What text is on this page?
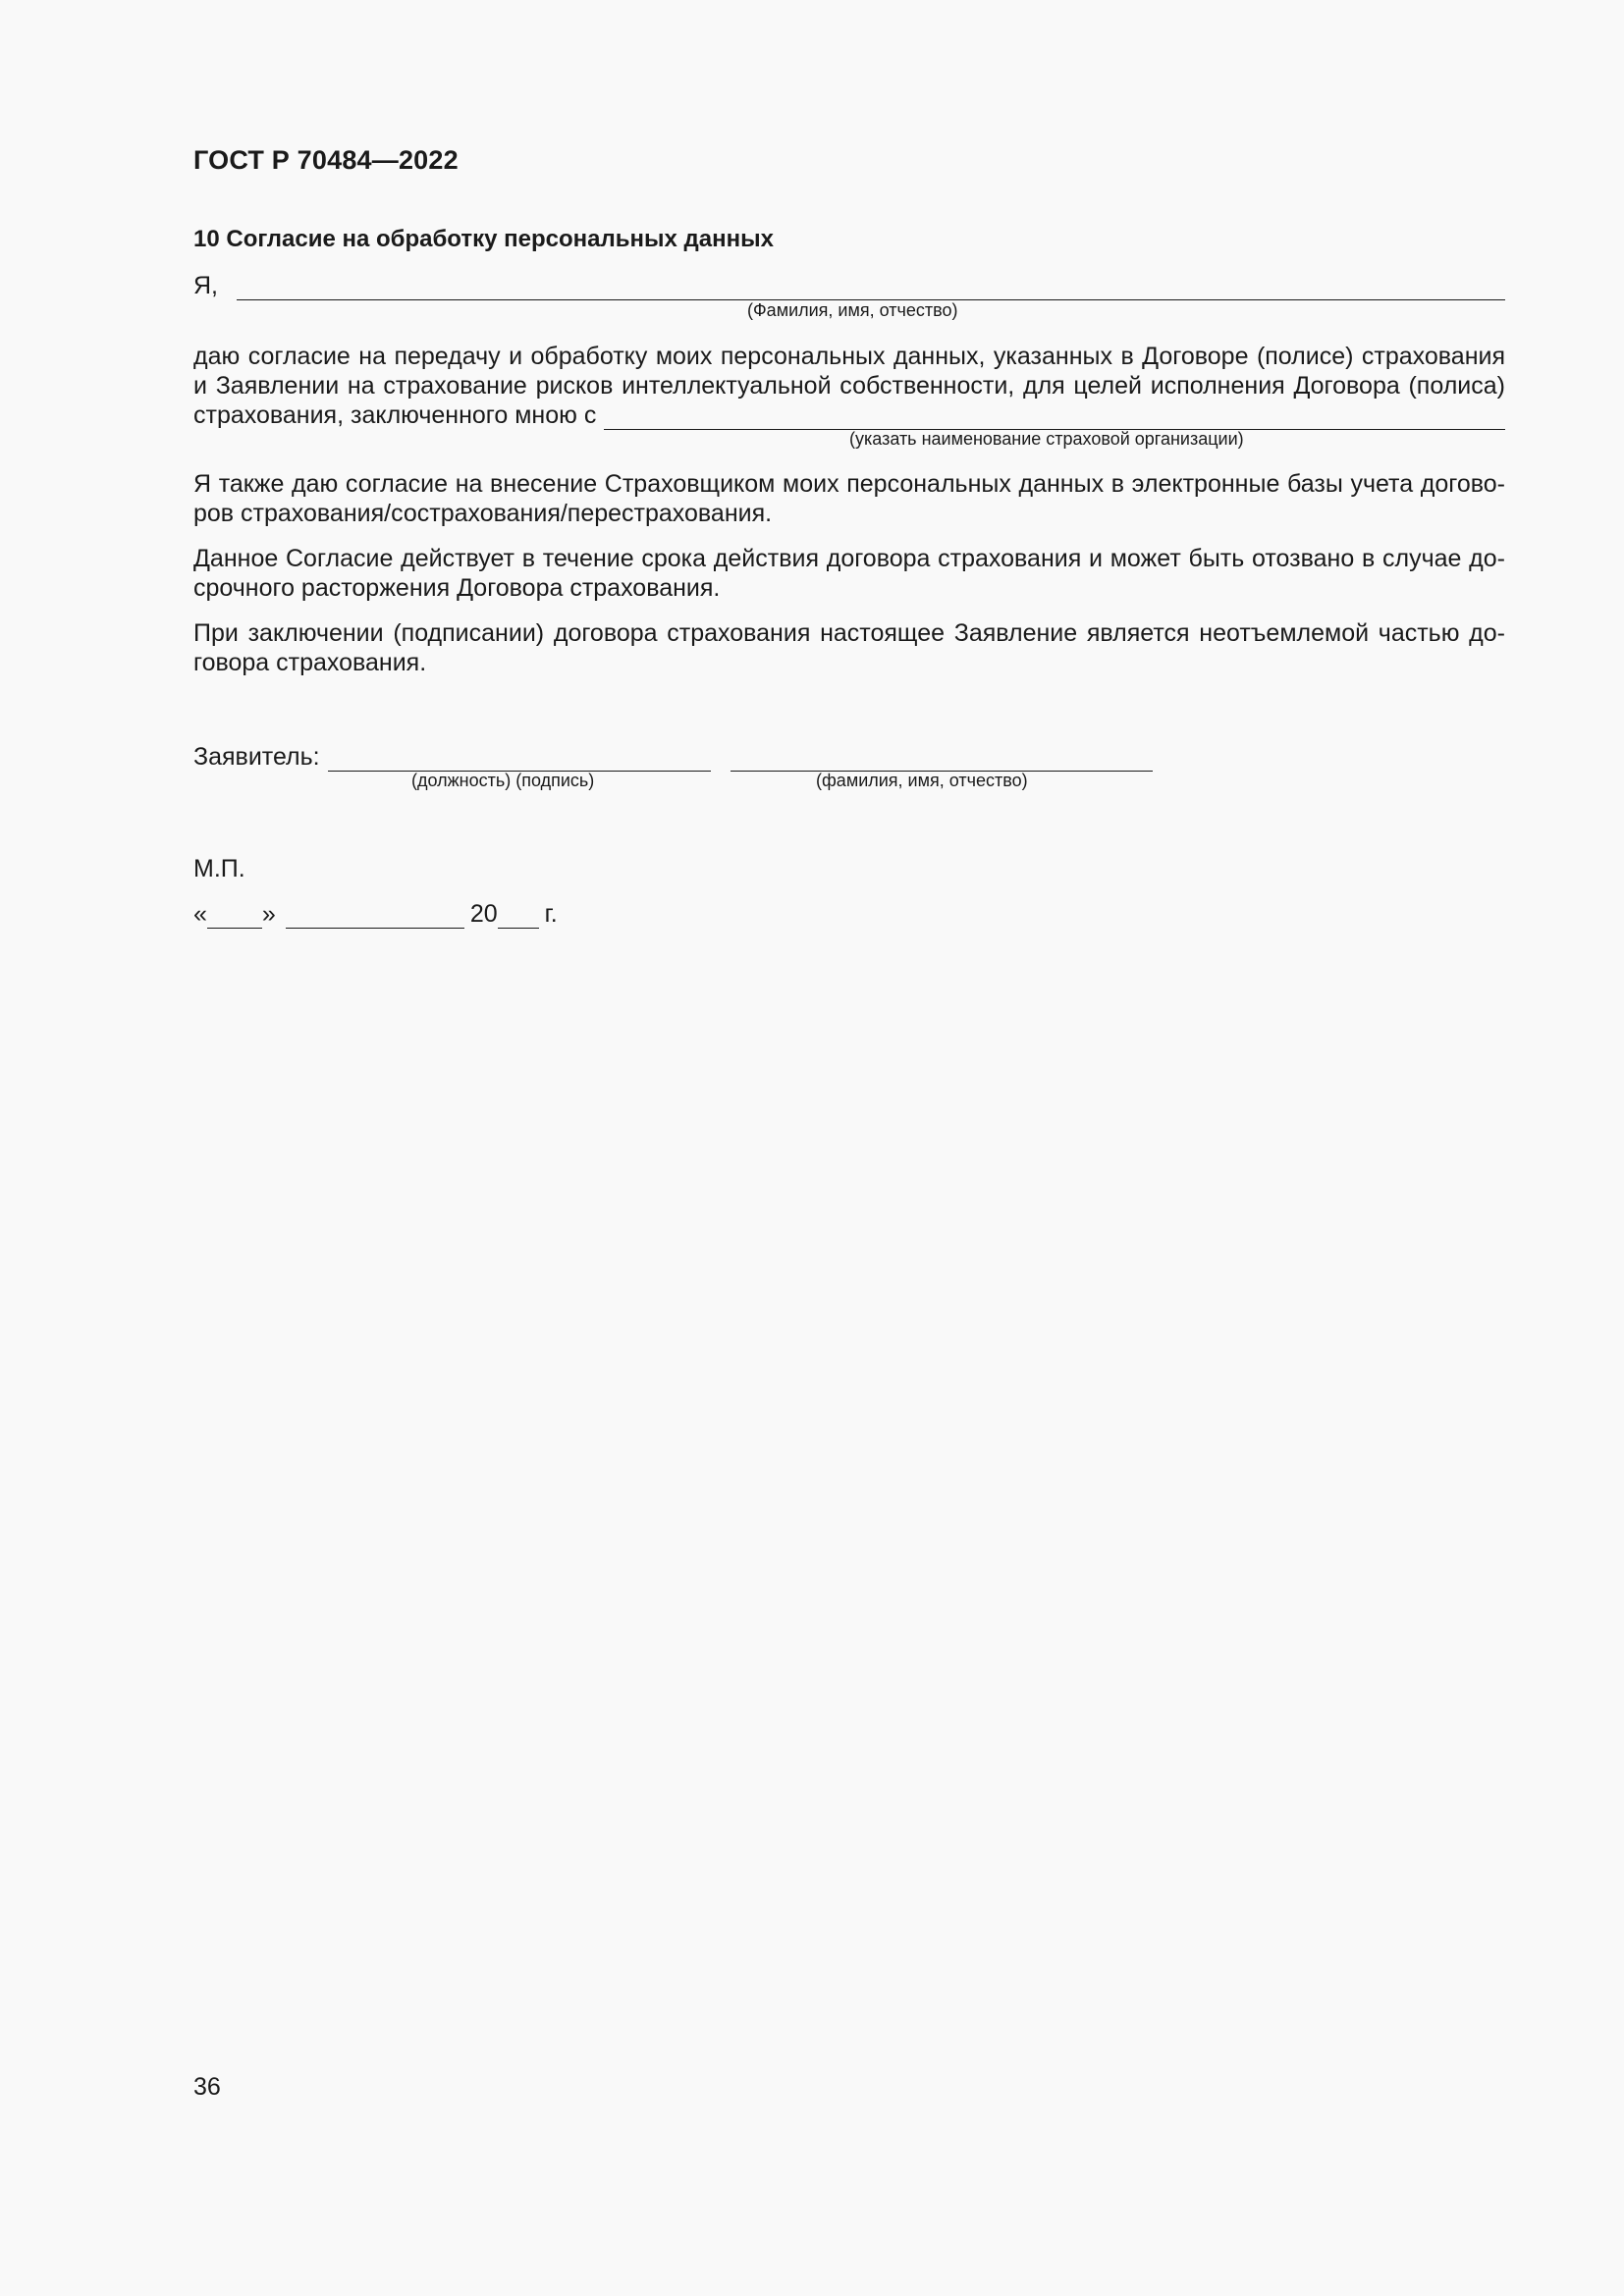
ГОСТ Р 70484—2022
10 Согласие на обработку персональных данных
Я,
(Фамилия, имя, отчество)
даю согласие на передачу и обработку моих персональных данных, указанных в Договоре (полисе) страхования
и Заявлении на страхование рисков интеллектуальной собственности, для целей исполнения Договора (полиса)
страхования, заключенного мною с
(указать наименование страховой организации)
Я также даю согласие на внесение Страховщиком моих персональных данных в электронные базы учета догово-
ров страхования/сострахования/перестрахования.
Данное Согласие действует в течение срока действия договора страхования и может быть отозвано в случае до-
срочного расторжения Договора страхования.
При заключении (подписании) договора страхования настоящее Заявление является неотъемлемой частью до-
говора страхования.
Заявитель:
(должность) (подпись)	(фамилия, имя, отчество)
М.П.
« »	20 г.
36
